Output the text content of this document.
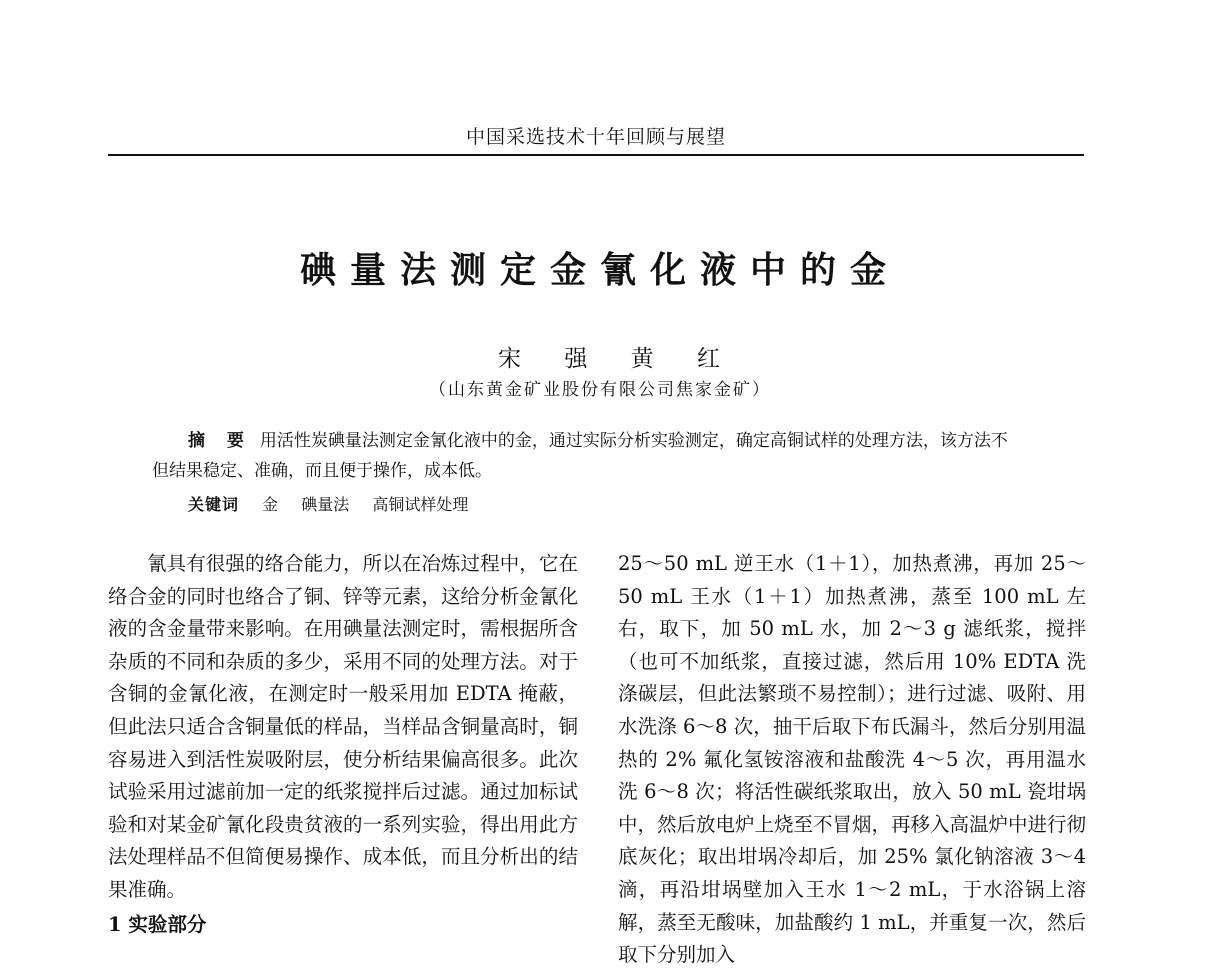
中国采选技术十年回顾与展望
碘量法测定金氰化液中的金
宋 强 黄 红
（山东黄金矿业股份有限公司焦家金矿）
摘 要 用活性炭碘量法测定金氰化液中的金，通过实际分析实验测定，确定高铜试样的处理方法，该方法不
但结果稳定、准确，而且便于操作，成本低。
关键词 金 碘量法 高铜试样处理

氰具有很强的络合能力，所以在冶炼过程中，它在络合金的同时也络合了铜、锌等元素，这给分析金氰化液的含金量带来影响。在用碘量法测定时，需根据所含杂质的不同和杂质的多少，采用不同的处理方法。对于含铜的金氰化液，在测定时一般采用加 EDTA 掩蔽，但此法只适合含铜量低的样品，当样品含铜量高时，铜容易进入到活性炭吸附层，使分析结果偏高很多。此次试验采用过滤前加一定的纸浆搅拌后过滤。通过加标试验和对某金矿氰化段贵贫液的一系列实验，得出用此方法处理样品不但简便易操作、成本低，而且分析出的结果准确。

1 实验部分

25～50 mL 逆王水（1＋1），加热煮沸，再加 25～50 mL 王水（1＋1）加热煮沸，蒸至 100 mL 左右，取下，加 50 mL 水，加 2～3 g 滤纸浆，搅拌（也可不加纸浆，直接过滤，然后用 10% EDTA 洗涤碳层，但此法繁琐不易控制）；进行过滤、吸附、用水洗涤 6～8 次，抽干后取下布氏漏斗，然后分别用温热的 2% 氟化氢铵溶液和盐酸洗 4～5 次，再用温水洗 6～8 次；将活性碳纸浆取出，放入 50 mL 瓷坩埚中，然后放电炉上烧至不冒烟，再移入高温炉中进行彻底灰化；取出坩埚冷却后，加 25% 氯化钠溶液 3～4 滴，再沿坩埚壁加入王水 1～2 mL，于水浴锅上溶解，蒸至无酸味，加盐酸约 1 mL，并重复一次，然后取下分别加入
